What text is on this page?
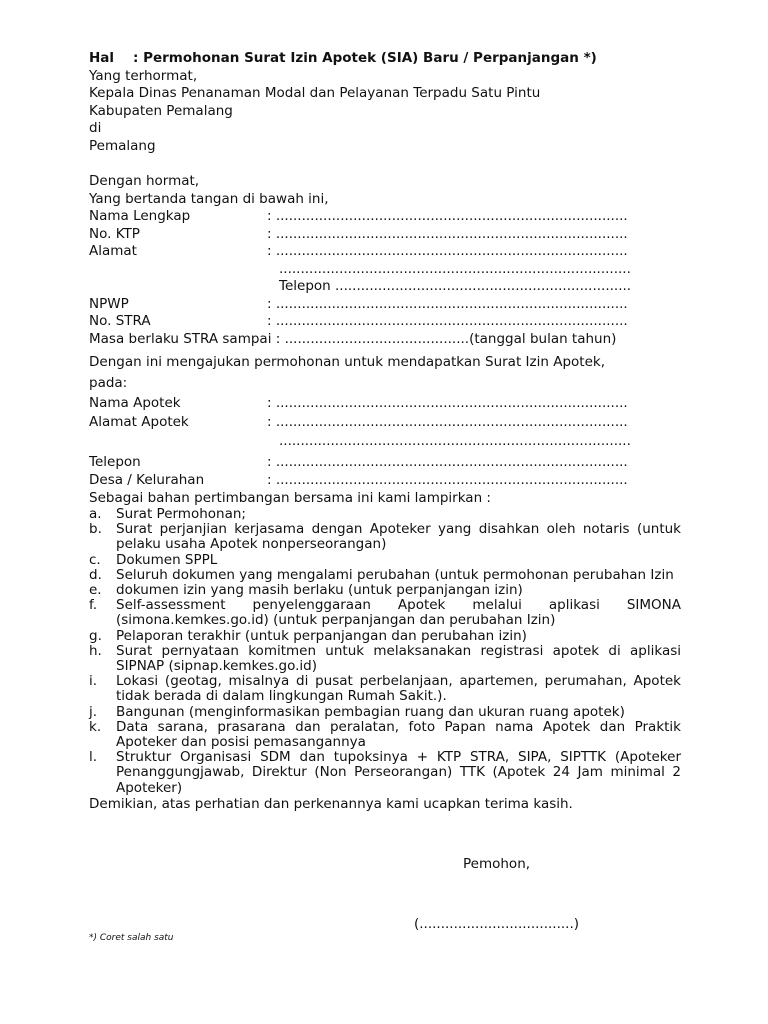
Hal : Permohonan Surat Izin Apotek (SIA) Baru / Perpanjangan *)
Yang terhormat,
Kepala Dinas Penanaman Modal dan Pelayanan Terpadu Satu Pintu
Kabupaten Pemalang
di
Pemalang
Dengan hormat,
Yang bertanda tangan di bawah ini,
Nama Lengkap	: ..................................................................................
No. KTP	: ..................................................................................
Alamat	: ..................................................................................
..................................................................................
Telepon .....................................................................
NPWP	: ..................................................................................
No. STRA	: ..................................................................................
Masa berlaku STRA sampai : ...........................................(tanggal bulan tahun)
Dengan ini mengajukan permohonan untuk mendapatkan Surat Izin Apotek,
pada:
Nama Apotek	: ..................................................................................
Alamat Apotek	: ..................................................................................
..................................................................................
Telepon	: ..................................................................................
Desa / Kelurahan	: ..................................................................................
Sebagai bahan pertimbangan bersama ini kami lampirkan :
a.	Surat Permohonan;
b.	Surat perjanjian kerjasama dengan Apoteker yang disahkan oleh notaris (untuk pelaku usaha Apotek nonperseorangan)
c.	Dokumen SPPL
d.	Seluruh dokumen yang mengalami perubahan (untuk permohonan perubahan Izin
e.	dokumen izin yang masih berlaku (untuk perpanjangan izin)
f.	Self-assessment penyelenggaraan Apotek melalui aplikasi SIMONA (simona.kemkes.go.id) (untuk perpanjangan dan perubahan Izin)
g.	Pelaporan terakhir (untuk perpanjangan dan perubahan izin)
h.	Surat pernyataan komitmen untuk melaksanakan registrasi apotek di aplikasi SIPNAP (sipnap.kemkes.go.id)
i.	Lokasi (geotag, misalnya di pusat perbelanjaan, apartemen, perumahan, Apotek tidak berada di dalam lingkungan Rumah Sakit.).
j.	Bangunan (menginformasikan pembagian ruang dan ukuran ruang apotek)
k.	Data sarana, prasarana dan peralatan, foto Papan nama Apotek dan Praktik Apoteker dan posisi pemasangannya
l.	Struktur Organisasi SDM dan tupoksinya + KTP STRA, SIPA, SIPTTK (Apoteker Penanggungjawab, Direktur (Non Perseorangan) TTK (Apotek 24 Jam minimal 2 Apoteker)
Demikian, atas perhatian dan perkenannya kami ucapkan terima kasih.
Pemohon,
(....................................)
*) Coret salah satu
